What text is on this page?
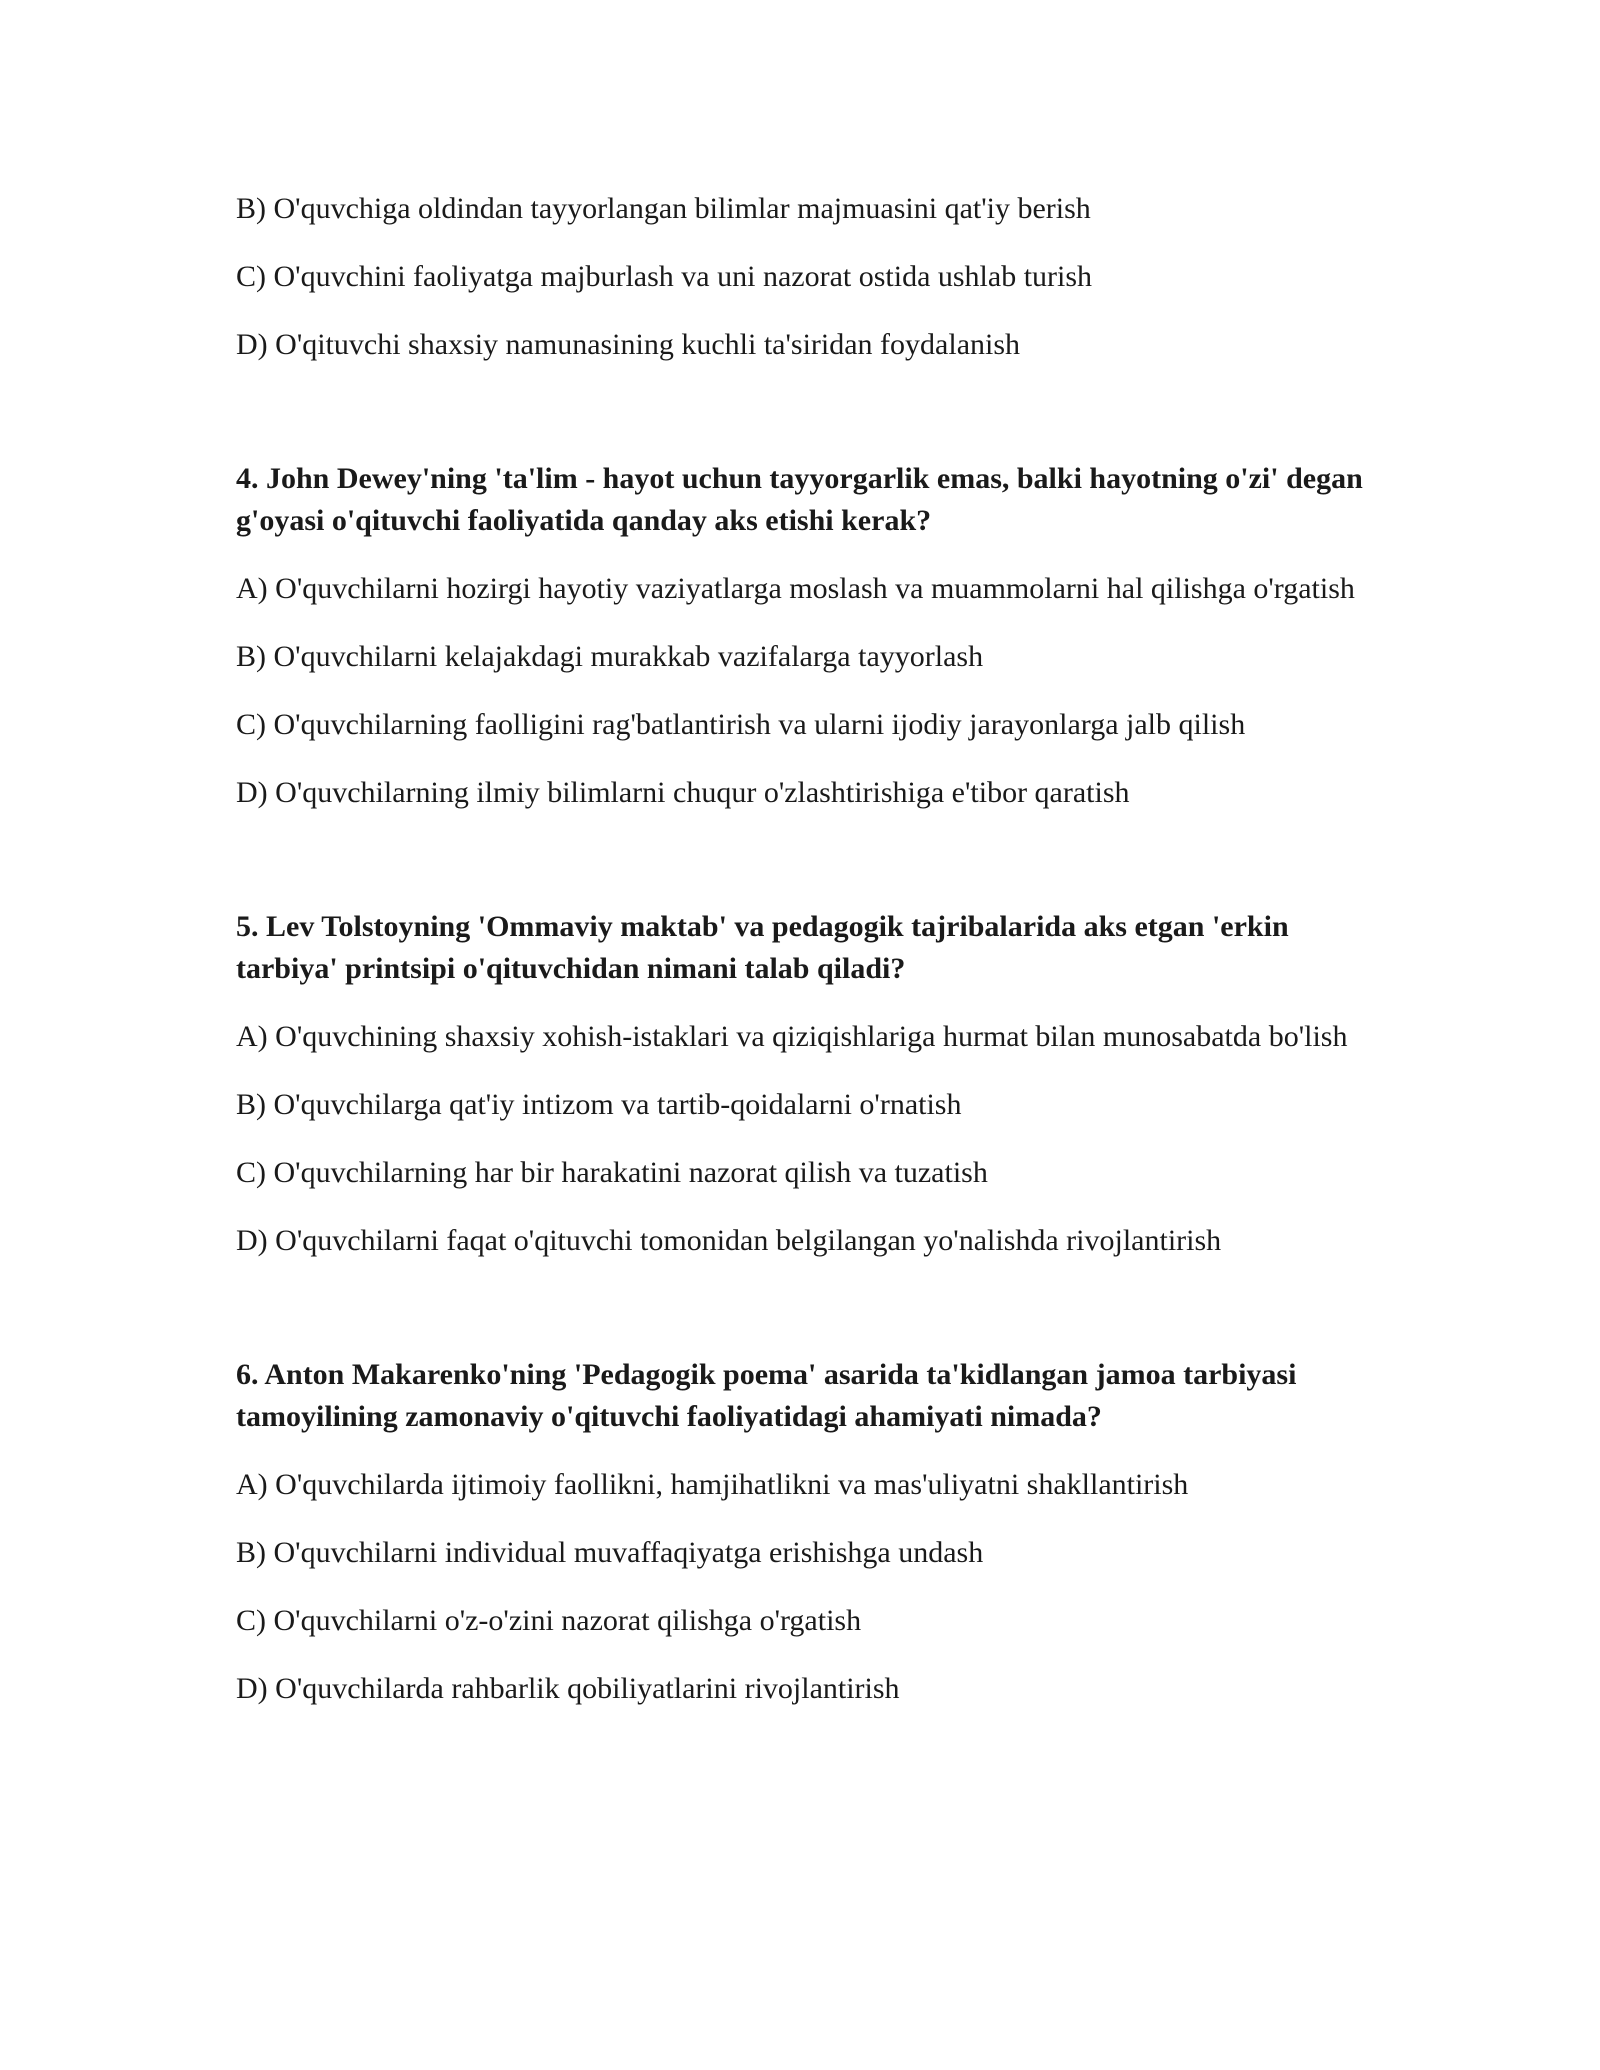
B) O'quvchiga oldindan tayyorlangan bilimlar majmuasini qat'iy berish

C) O'quvchini faoliyatga majburlash va uni nazorat ostida ushlab turish

D) O'qituvchi shaxsiy namunasining kuchli ta'siridan foydalanish

4. John Dewey'ning 'ta'lim - hayot uchun tayyorgarlik emas, balki hayotning o'zi' degan g'oyasi o'qituvchi faoliyatida qanday aks etishi kerak?

A) O'quvchilarni hozirgi hayotiy vaziyatlarga moslash va muammolarni hal qilishga o'rgatish

B) O'quvchilarni kelajakdagi murakkab vazifalarga tayyorlash

C) O'quvchilarning faolligini rag'batlantirish va ularni ijodiy jarayonlarga jalb qilish

D) O'quvchilarning ilmiy bilimlarni chuqur o'zlashtirishiga e'tibor qaratish

5. Lev Tolstoyning 'Ommaviy maktab' va pedagogik tajribalarida aks etgan 'erkin tarbiya' printsipi o'qituvchidan nimani talab qiladi?

A) O'quvchining shaxsiy xohish-istaklari va qiziqishlariga hurmat bilan munosabatda bo'lish

B) O'quvchilarga qat'iy intizom va tartib-qoidalarni o'rnatish

C) O'quvchilarning har bir harakatini nazorat qilish va tuzatish

D) O'quvchilarni faqat o'qituvchi tomonidan belgilangan yo'nalishda rivojlantirish

6. Anton Makarenko'ning 'Pedagogik poema' asarida ta'kidlangan jamoa tarbiyasi tamoyilining zamonaviy o'qituvchi faoliyatidagi ahamiyati nimada?

A) O'quvchilarda ijtimoiy faollikni, hamjihatlikni va mas'uliyatni shakllantirish

B) O'quvchilarni individual muvaffaqiyatga erishishga undash

C) O'quvchilarni o'z-o'zini nazorat qilishga o'rgatish

D) O'quvchilarda rahbarlik qobiliyatlarini rivojlantirish
